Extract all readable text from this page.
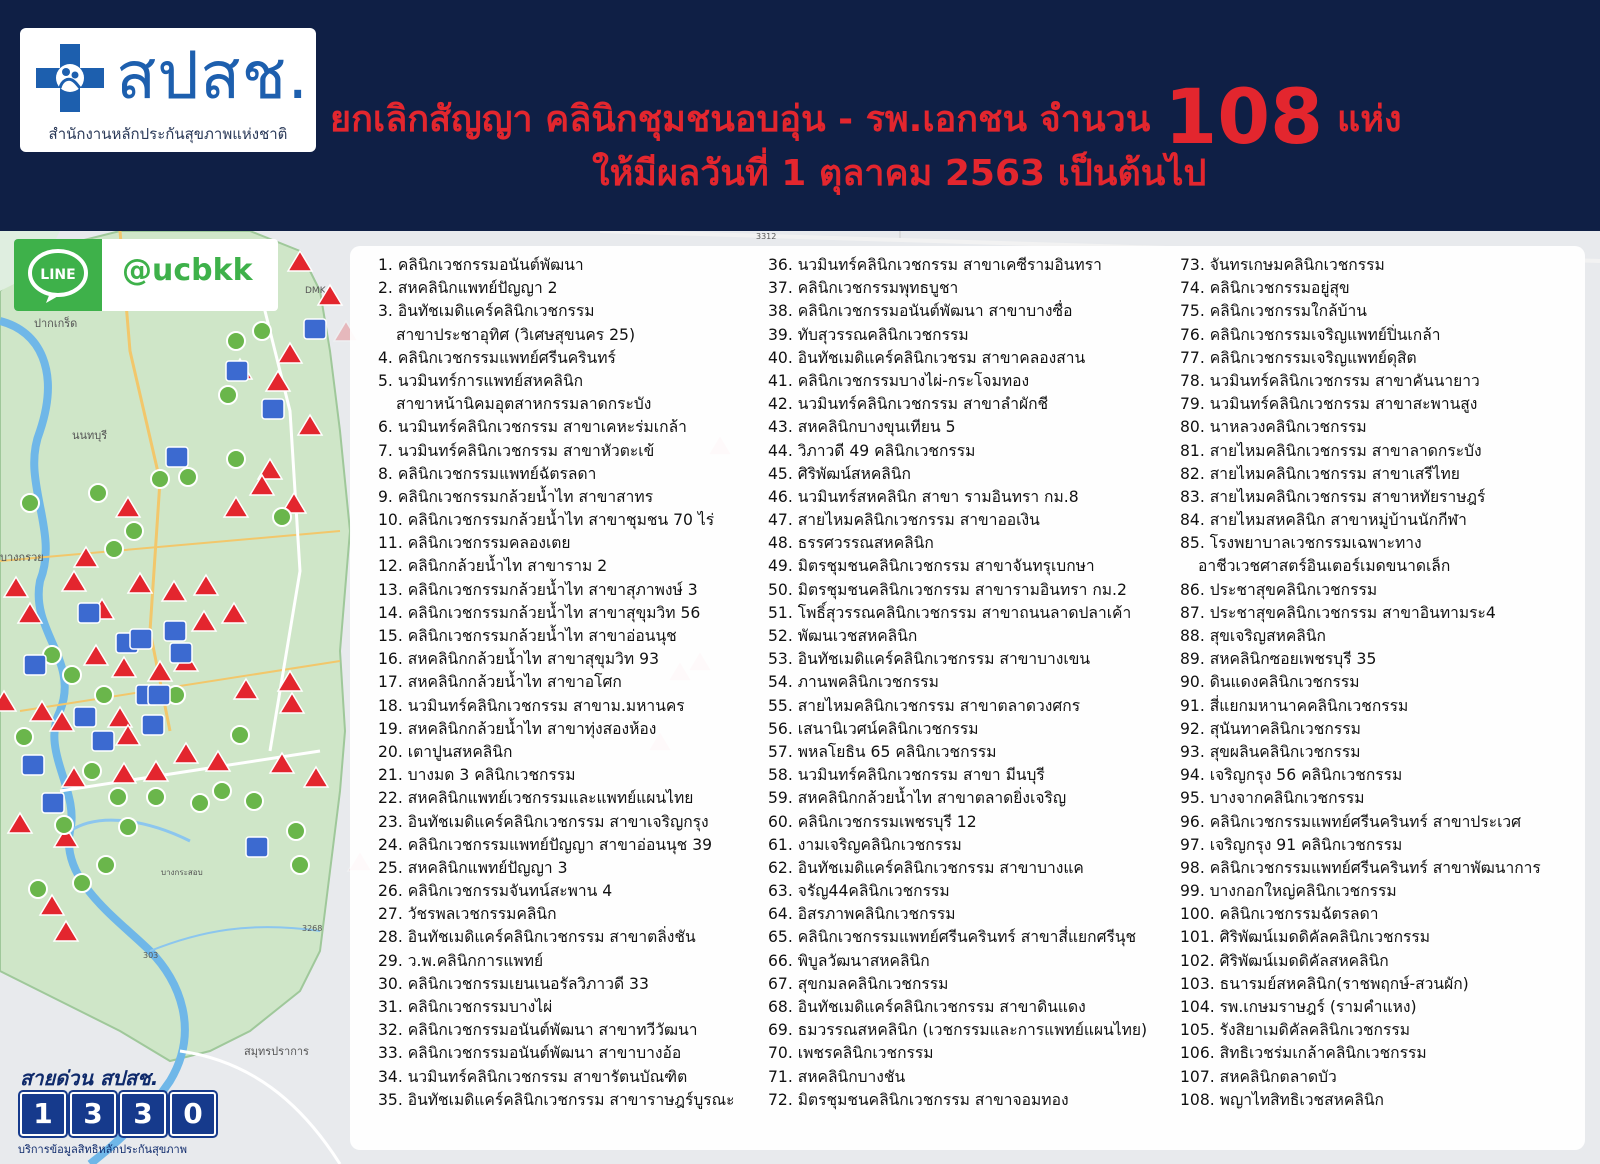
สปสช.
สำนักงานหลักประกันสุขภาพแห่งชาติ	ยกเลิกสัญญา คลินิกชุมชนอบอุ่น - รพ.เอกชน จำนวน 108 แห่ง
ให้มีผลวันที่ 1 ตุลาคม 2563 เป็นต้นไป
ปากเกร็ด
นนทบุรี
บางกรวย
สมุทรปราการ
DMK
3312
บางกระสอบ
3268
303
LINE @ucbkk	1. คลินิกเวชกรรมอนันต์พัฒนา
2. สหคลินิกแพทย์ปัญญา 2
3. อินทัชเมดิแคร์คลินิกเวชกรรม
สาขาประชาอุทิศ (วิเศษสุขนคร 25)
4. คลินิกเวชกรรมแพทย์ศรีนครินทร์
5. นวมินทร์การแพทย์สหคลินิก
สาขาหน้านิคมอุตสาหกรรมลาดกระบัง
6. นวมินทร์คลินิกเวชกรรม สาขาเคหะร่มเกล้า
7. นวมินทร์คลินิกเวชกรรม สาขาหัวตะเข้
8. คลินิกเวชกรรมแพทย์ฉัตรลดา
9. คลินิกเวชกรรมกล้วยน้ำไท สาขาสาทร
10. คลินิกเวชกรรมกล้วยน้ำไท สาขาชุมชน 70 ไร่
11. คลินิกเวชกรรมคลองเตย
12. คลินิกกล้วยน้ำไท สาขาราม 2
13. คลินิกเวชกรรมกล้วยน้ำไท สาขาสุภาพงษ์ 3
14. คลินิกเวชกรรมกล้วยน้ำไท สาขาสุขุมวิท 56
15. คลินิกเวชกรรมกล้วยน้ำไท สาขาอ่อนนุช
16. สหคลินิกกล้วยน้ำไท สาขาสุขุมวิท 93
17. สหคลินิกกล้วยน้ำไท สาขาอโศก
18. นวมินทร์คลินิกเวชกรรม สาขาม.มหานคร
19. สหคลินิกกล้วยน้ำไท สาขาทุ่งสองห้อง
20. เตาปูนสหคลินิก
21. บางมด 3 คลินิกเวชกรรม
22. สหคลินิกแพทย์เวชกรรมและแพทย์แผนไทย
23. อินทัชเมดิแคร์คลินิกเวชกรรม สาขาเจริญกรุง
24. คลินิกเวชกรรมแพทย์ปัญญา สาขาอ่อนนุช 39
25. สหคลินิกแพทย์ปัญญา 3
26. คลินิกเวชกรรมจันทน์สะพาน 4
27. วัชรพลเวชกรรมคลินิก
28. อินทัชเมดิแคร์คลินิกเวชกรรม สาขาตลิ่งชัน
29. ว.พ.คลินิกการแพทย์
30. คลินิกเวชกรรมเยนเนอรัลวิภาวดี 33
31. คลินิกเวชกรรมบางไผ่
32. คลินิกเวชกรรมอนันต์พัฒนา สาขาทวีวัฒนา
33. คลินิกเวชกรรมอนันต์พัฒนา สาขาบางอ้อ
34. นวมินทร์คลินิกเวชกรรม สาขารัตนบัณฑิต
35. อินทัชเมดิแคร์คลินิกเวชกรรม สาขาราษฎร์บูรณะ
36. นวมินทร์คลินิกเวชกรรม สาขาเคซีรามอินทรา
37. คลินิกเวชกรรมพุทธบูชา
38. คลินิกเวชกรรมอนันต์พัฒนา สาขาบางซื่อ
39. ทับสุวรรณคลินิกเวชกรรม
40. อินทัชเมดิแคร์คลินิกเวชรม สาขาคลองสาน
41. คลินิกเวชกรรมบางไผ่-กระโจมทอง
42. นวมินทร์คลินิกเวชกรรม สาขาลำผักชี
43. สหคลินิกบางขุนเทียน 5
44. วิภาวดี 49 คลินิกเวชกรรม
45. ศิริพัฒน์สหคลินิก
46. นวมินทร์สหคลินิก สาขา รามอินทรา กม.8
47. สายไหมคลินิกเวชกรรม สาขาออเงิน
48. ธรรศวรรณสหคลินิก
49. มิตรชุมชนคลินิกเวชกรรม สาขาจันทรุเบกษา
50. มิตรชุมชนคลินิกเวชกรรม สาขารามอินทรา กม.2
51. โพธิ์สุวรรณคลินิกเวชกรรม สาขาถนนลาดปลาเค้า
52. พัฒนเวชสหคลินิก
53. อินทัชเมดิแคร์คลินิกเวชกรรม สาขาบางเขน
54. ภานพคลินิกเวชกรรม
55. สายไหมคลินิกเวชกรรม สาขาตลาดวงศกร
56. เสนานิเวศน์คลินิกเวชกรรม
57. พหลโยธิน 65 คลินิกเวชกรรม
58. นวมินทร์คลินิกเวชกรรม สาขา มีนบุรี
59. สหคลินิกกล้วยน้ำไท สาขาตลาดยิ่งเจริญ
60. คลินิกเวชกรรมเพชรบุรี 12
61. งามเจริญคลินิกเวชกรรม
62. อินทัชเมดิแคร์คลินิกเวชกรรม สาขาบางแค
63. จรัญ44คลินิกเวชกรรม
64. อิสรภาพคลินิกเวชกรรม
65. คลินิกเวชกรรมแพทย์ศรีนครินทร์ สาขาสี่แยกศรีนุช
66. พิบูลวัฒนาสหคลินิก
67. สุขกมลคลินิกเวชกรรม
68. อินทัชเมดิแคร์คลินิกเวชกรรม สาขาดินแดง
69. ธมวรรณสหคลินิก (เวชกรรมและการแพทย์แผนไทย)
70. เพชรคลินิกเวชกรรม
71. สหคลินิกบางชัน
72. มิตรชุมชนคลินิกเวชกรรม สาขาจอมทอง
73. จันทรเกษมคลินิกเวชกรรม
74. คลินิกเวชกรรมอยู่สุข
75. คลินิกเวชกรรมใกล้บ้าน
76. คลินิกเวชกรรมเจริญแพทย์ปิ่นเกล้า
77. คลินิกเวชกรรมเจริญแพทย์ดุสิต
78. นวมินทร์คลินิกเวชกรรม สาขาคันนายาว
79. นวมินทร์คลินิกเวชกรรม สาขาสะพานสูง
80. นาหลวงคลินิกเวชกรรม
81. สายไหมคลินิกเวชกรรม สาขาลาดกระบัง
82. สายไหมคลินิกเวชกรรม สาขาเสรีไทย
83. สายไหมคลินิกเวชกรรม สาขาหทัยราษฎร์
84. สายไหมสหคลินิก สาขาหมู่บ้านนักกีฬา
85. โรงพยาบาลเวชกรรมเฉพาะทาง
อาชีวเวชศาสตร์อินเตอร์เมดขนาดเล็ก
86. ประชาสุขคลินิกเวชกรรม
87. ประชาสุขคลินิกเวชกรรม สาขาอินทามระ4
88. สุขเจริญสหคลินิก
89. สหคลินิกซอยเพชรบุรี 35
90. ดินแดงคลินิกเวชกรรม
91. สี่แยกมหานาคคลินิกเวชกรรม
92. สุนันทาคลินิกเวชกรรม
93. สุขผลินคลินิกเวชกรรม
94. เจริญกรุง 56 คลินิกเวชกรรม
95. บางจากคลินิกเวชกรรม
96. คลินิกเวชกรรมแพทย์ศรีนครินทร์ สาขาประเวศ
97. เจริญกรุง 91 คลินิกเวชกรรม
98. คลินิกเวชกรรมแพทย์ศรีนครินทร์ สาขาพัฒนาการ
99. บางกอกใหญ่คลินิกเวชกรรม
100. คลินิกเวชกรรมฉัตรลดา
101. ศิริพัฒน์เมดดิคัลคลินิกเวชกรรม
102. ศิริพัฒน์เมดดิคัลสหคลินิก
103. ธนารมย์สหคลินิก(ราชพฤกษ์-สวนผัก)
104. รพ.เกษมราษฎร์ (รามคำแหง)
105. รังสิยาเมดิคัลคลินิกเวชกรรม
106. สิทธิเวชร่มเกล้าคลินิกเวชกรรม
107. สหคลินิกตลาดบัว
108. พญาไทสิทธิเวชสหคลินิก
สายด่วน สปสช.
1	3	3	0
บริการข้อมูลสิทธิหลักประกันสุขภาพ
